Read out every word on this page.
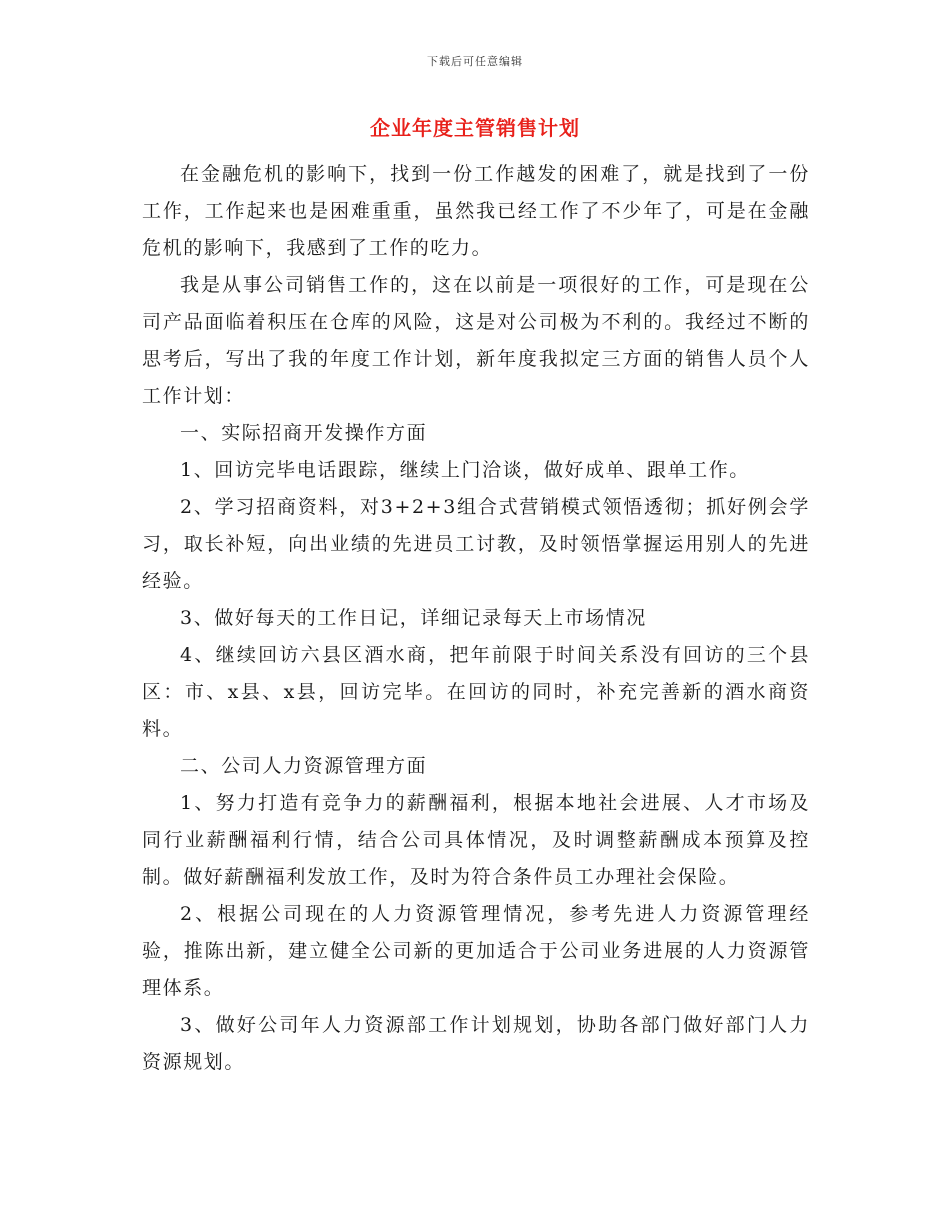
下载后可任意编辑
企业年度主管销售计划

在金融危机的影响下，找到一份工作越发的困难了，就是找到了一份工作，工作起来也是困难重重，虽然我已经工作了不少年了，可是在金融危机的影响下，我感到了工作的吃力。

我是从事公司销售工作的，这在以前是一项很好的工作，可是现在公司产品面临着积压在仓库的风险，这是对公司极为不利的。我经过不断的思考后，写出了我的年度工作计划，新年度我拟定三方面的销售人员个人工作计划：

一、实际招商开发操作方面

1、回访完毕电话跟踪，继续上门洽谈，做好成单、跟单工作。

2、学习招商资料，对3+2+3组合式营销模式领悟透彻；抓好例会学习，取长补短，向出业绩的先进员工讨教，及时领悟掌握运用别人的先进经验。

3、做好每天的工作日记，详细记录每天上市场情况

4、继续回访六县区酒水商，把年前限于时间关系没有回访的三个县区：市、x县、x县，回访完毕。在回访的同时，补充完善新的酒水商资料。

二、公司人力资源管理方面

1、努力打造有竞争力的薪酬福利，根据本地社会进展、人才市场及同行业薪酬福利行情，结合公司具体情况，及时调整薪酬成本预算及控制。做好薪酬福利发放工作，及时为符合条件员工办理社会保险。

2、根据公司现在的人力资源管理情况，参考先进人力资源管理经验，推陈出新，建立健全公司新的更加适合于公司业务进展的人力资源管理体系。

3、做好公司年人力资源部工作计划规划，协助各部门做好部门人力资源规划。
